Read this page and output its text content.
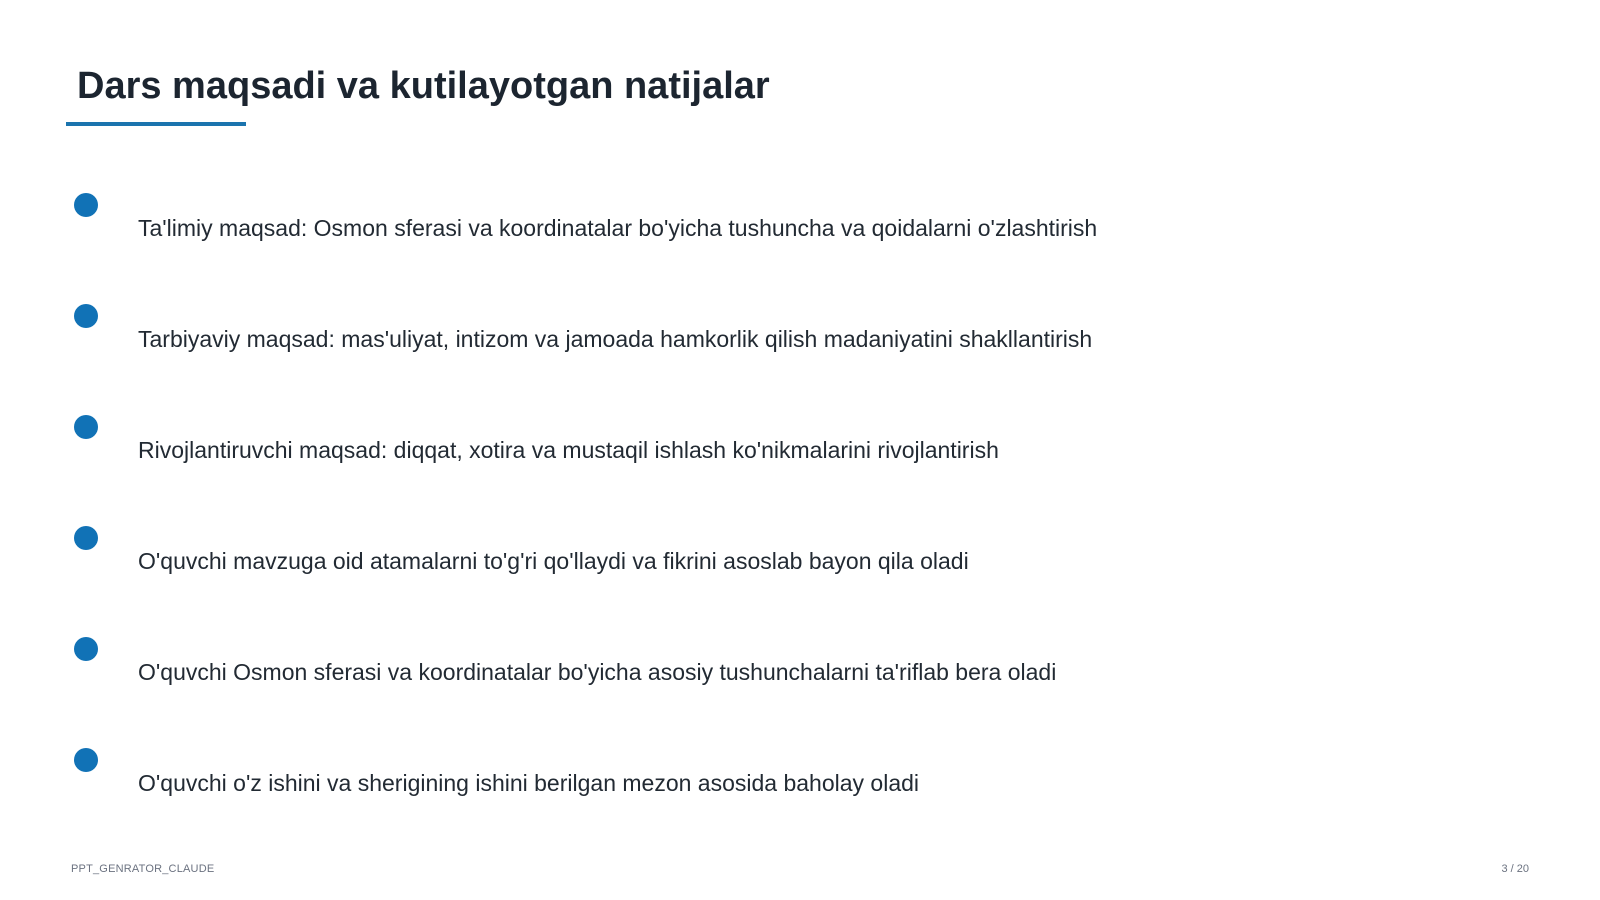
Dars maqsadi va kutilayotgan natijalar
Ta'limiy maqsad: Osmon sferasi va koordinatalar bo'yicha tushuncha va qoidalarni o'zlashtirish
Tarbiyaviy maqsad: mas'uliyat, intizom va jamoada hamkorlik qilish madaniyatini shakllantirish
Rivojlantiruvchi maqsad: diqqat, xotira va mustaqil ishlash ko'nikmalarini rivojlantirish
O'quvchi mavzuga oid atamalarni to'g'ri qo'llaydi va fikrini asoslab bayon qila oladi
O'quvchi Osmon sferasi va koordinatalar bo'yicha asosiy tushunchalarni ta'riflab bera oladi
O'quvchi o'z ishini va sherigining ishini berilgan mezon asosida baholay oladi
PPT_GENRATOR_CLAUDE	3 / 20
